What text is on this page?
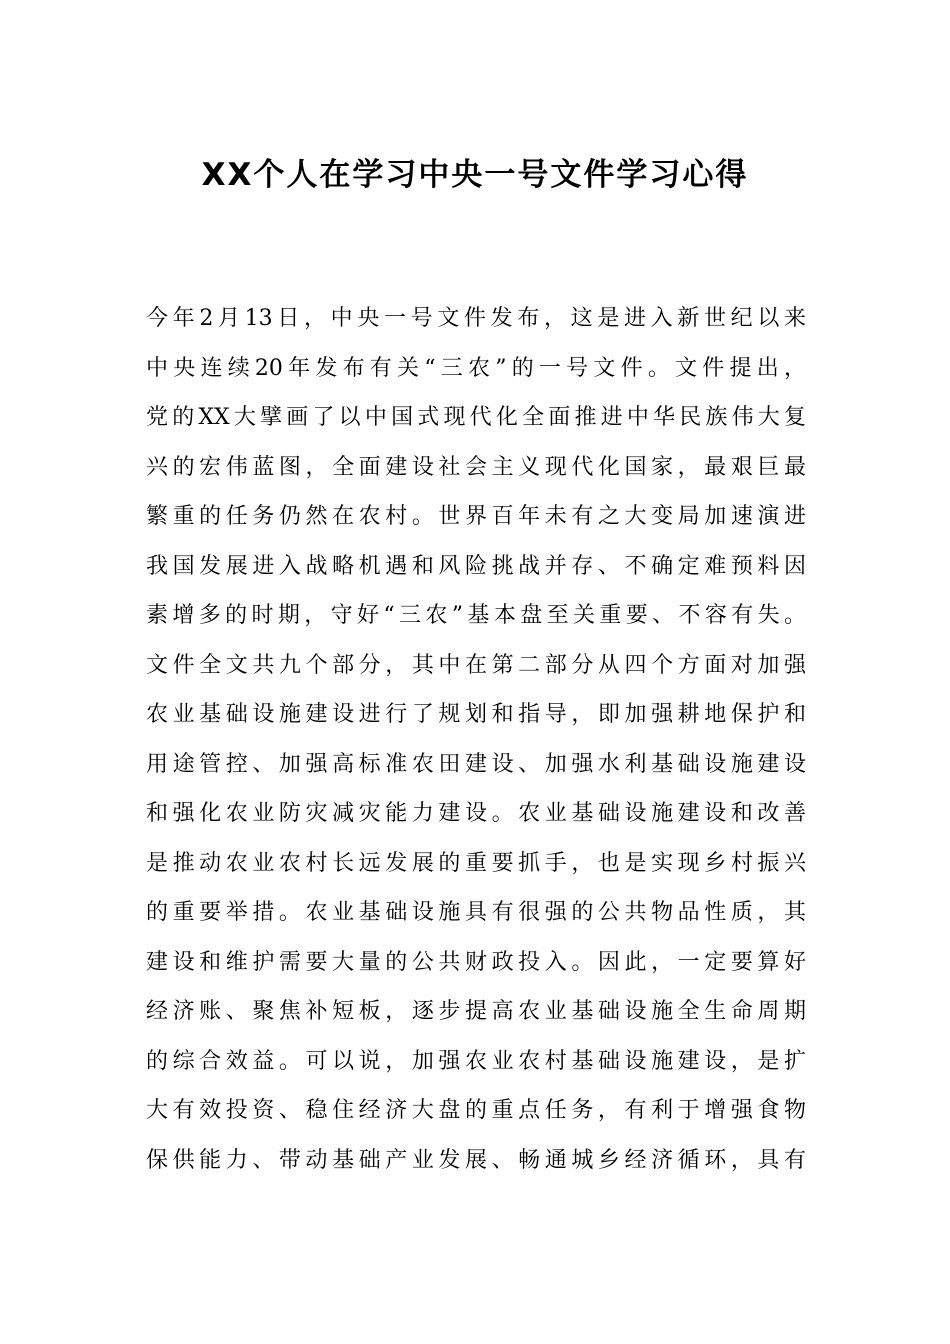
XX个人在学习中央一号文件学习心得
今年2月13日，中央一号文件发布，这是进入新世纪以来
中央连续20年发布有关“三农”的一号文件。文件提出，
党的XX大擘画了以中国式现代化全面推进中华民族伟大复
兴的宏伟蓝图，全面建设社会主义现代化国家，最艰巨最
繁重的任务仍然在农村。世界百年未有之大变局加速演进
我国发展进入战略机遇和风险挑战并存、不确定难预料因
素增多的时期，守好“三农”基本盘至关重要、不容有失。
文件全文共九个部分，其中在第二部分从四个方面对加强
农业基础设施建设进行了规划和指导，即加强耕地保护和
用途管控、加强高标准农田建设、加强水利基础设施建设
和强化农业防灾减灾能力建设。农业基础设施建设和改善
是推动农业农村长远发展的重要抓手，也是实现乡村振兴
的重要举措。农业基础设施具有很强的公共物品性质，其
建设和维护需要大量的公共财政投入。因此，一定要算好
经济账、聚焦补短板，逐步提高农业基础设施全生命周期
的综合效益。可以说，加强农业农村基础设施建设，是扩
大有效投资、稳住经济大盘的重点任务，有利于增强食物
保供能力、带动基础产业发展、畅通城乡经济循环，具有
